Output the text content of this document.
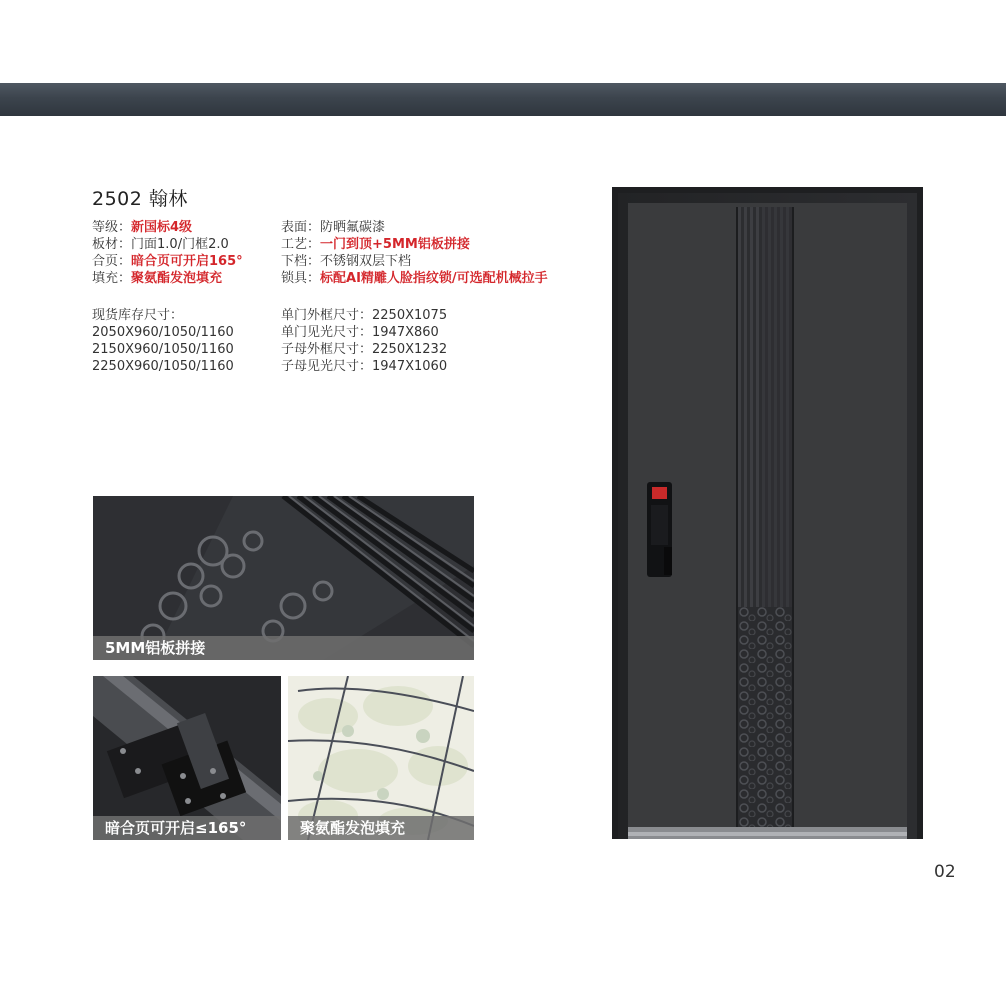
2502 翰林
等级：新国标4级
板材：门面1.0/门框2.0
合页：暗合页可开启165°
填充：聚氨酯发泡填充
表面：防晒氟碳漆
工艺：一门到顶+5MM铝板拼接
下档：不锈钢双层下档
锁具：标配AI精雕人脸指纹锁/可选配机械拉手
现货库存尺寸：
2050X960/1050/1160
2150X960/1050/1160
2250X960/1050/1160
单门外框尺寸：2250X1075
单门见光尺寸：1947X860
子母外框尺寸：2250X1232
子母见光尺寸：1947X1060
5MM铝板拼接
暗合页可开启≤165°	聚氨酯发泡填充
02
